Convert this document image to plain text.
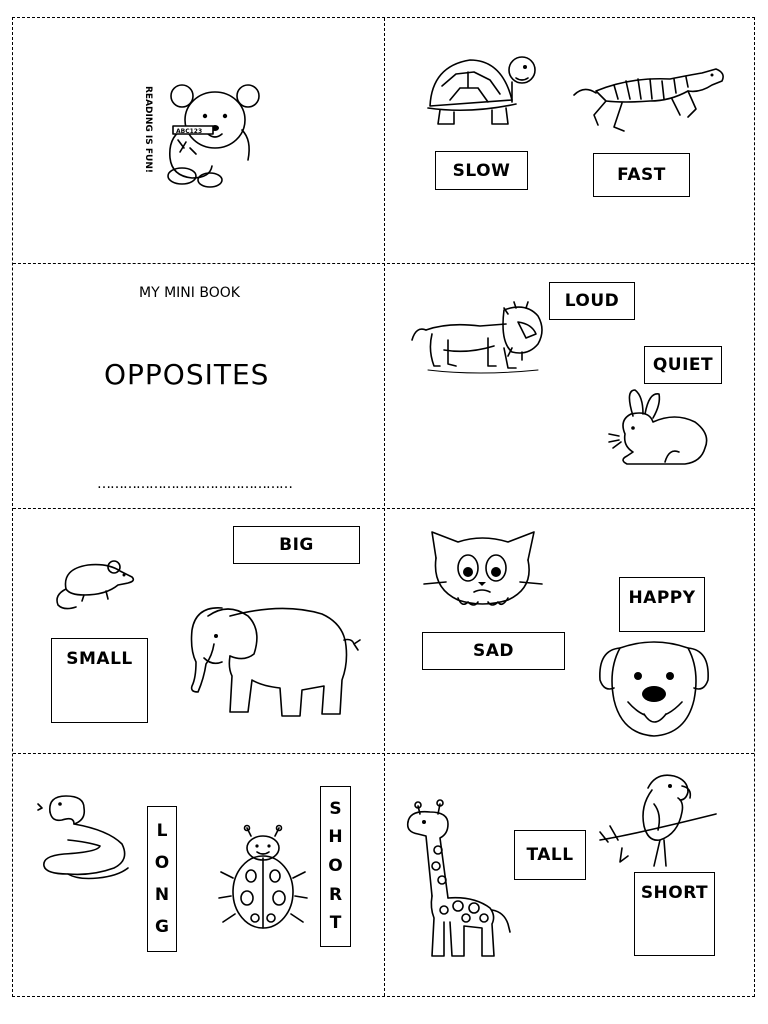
READING IS FUN!	ABC123
MY MINI BOOK
OPPOSITES
………………………………………
SLOW	FAST
LOUD
QUIET
BIG
SMALL	SAD
HAPPY
L
O
N
G
S
H
O
R
T
TALL
SHORT
